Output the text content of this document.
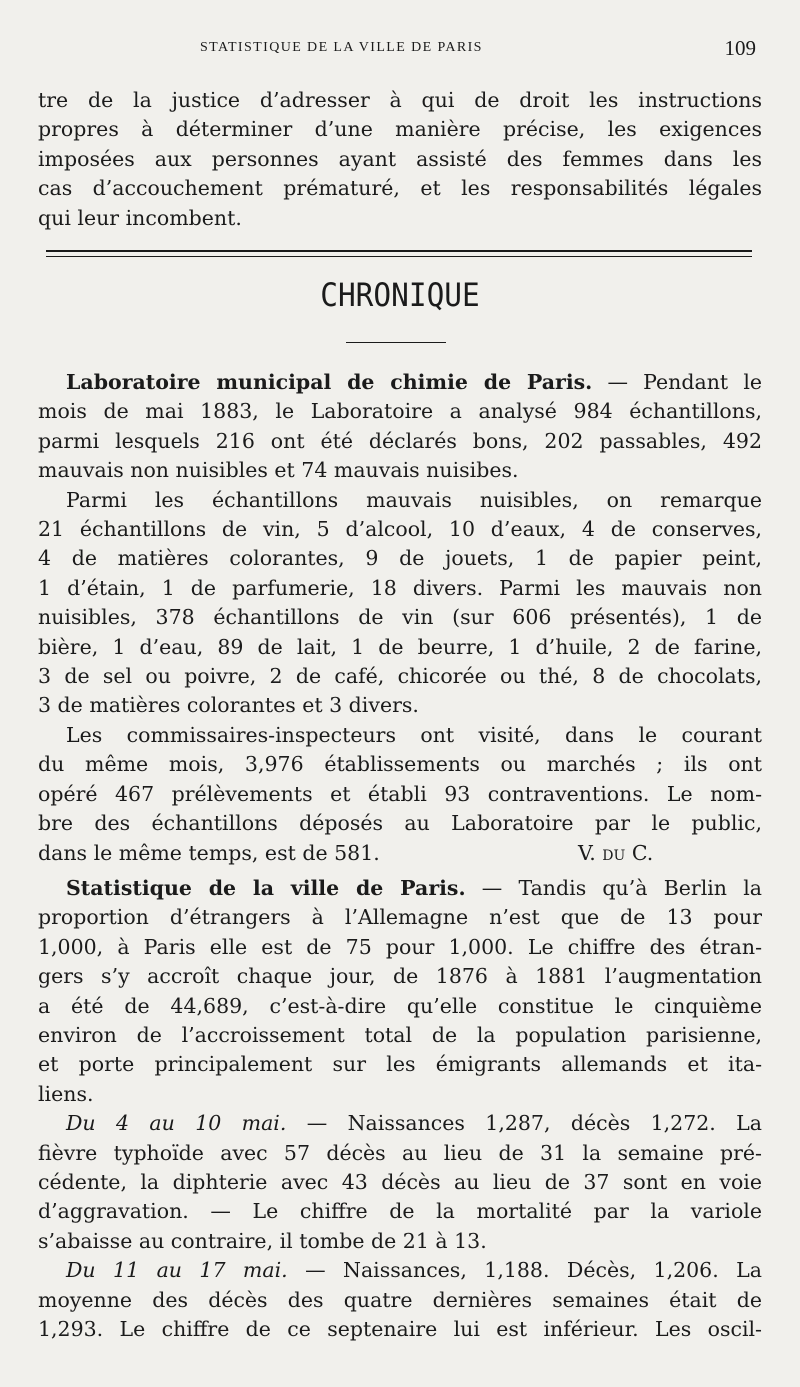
STATISTIQUE DE LA VILLE DE PARIS	109
tre de la justice d’adresser à qui de droit les instructions
propres à déterminer d’une manière précise, les exigences
imposées aux personnes ayant assisté des femmes dans les
cas d’accouchement prématuré, et les responsabilités légales
qui leur incombent.
CHRONIQUE
Laboratoire municipal de chimie de Paris. — Pendant le
mois de mai 1883, le Laboratoire a analysé 984 échantillons,
parmi lesquels 216 ont été déclarés bons, 202 passables, 492
mauvais non nuisibles et 74 mauvais nuisibes.
Parmi les échantillons mauvais nuisibles, on remarque
21 échantillons de vin, 5 d’alcool, 10 d’eaux, 4 de conserves,
4 de matières colorantes, 9 de jouets, 1 de papier peint,
1 d’étain, 1 de parfumerie, 18 divers. Parmi les mauvais non
nuisibles, 378 échantillons de vin (sur 606 présentés), 1 de
bière, 1 d’eau, 89 de lait, 1 de beurre, 1 d’huile, 2 de farine,
3 de sel ou poivre, 2 de café, chicorée ou thé, 8 de chocolats,
3 de matières colorantes et 3 divers.
Les commissaires-inspecteurs ont visité, dans le courant
du même mois, 3,976 établissements ou marchés ; ils ont
opéré 467 prélèvements et établi 93 contraventions. Le nom-
bre des échantillons déposés au Laboratoire par le public,
dans le même temps, est de 581.	V. du C.
Statistique de la ville de Paris. — Tandis qu’à Berlin la
proportion d’étrangers à l’Allemagne n’est que de 13 pour
1,000, à Paris elle est de 75 pour 1,000. Le chiffre des étran-
gers s’y accroît chaque jour, de 1876 à 1881 l’augmentation
a été de 44,689, c’est-à-dire qu’elle constitue le cinquième
environ de l’accroissement total de la population parisienne,
et porte principalement sur les émigrants allemands et ita-
liens.
Du 4 au 10 mai. — Naissances 1,287, décès 1,272. La
fièvre typhoïde avec 57 décès au lieu de 31 la semaine pré-
cédente, la diphterie avec 43 décès au lieu de 37 sont en voie
d’aggravation. — Le chiffre de la mortalité par la variole
s’abaisse au contraire, il tombe de 21 à 13.
Du 11 au 17 mai. — Naissances, 1,188. Décès, 1,206. La
moyenne des décès des quatre dernières semaines était de
1,293. Le chiffre de ce septenaire lui est inférieur. Les oscil-
